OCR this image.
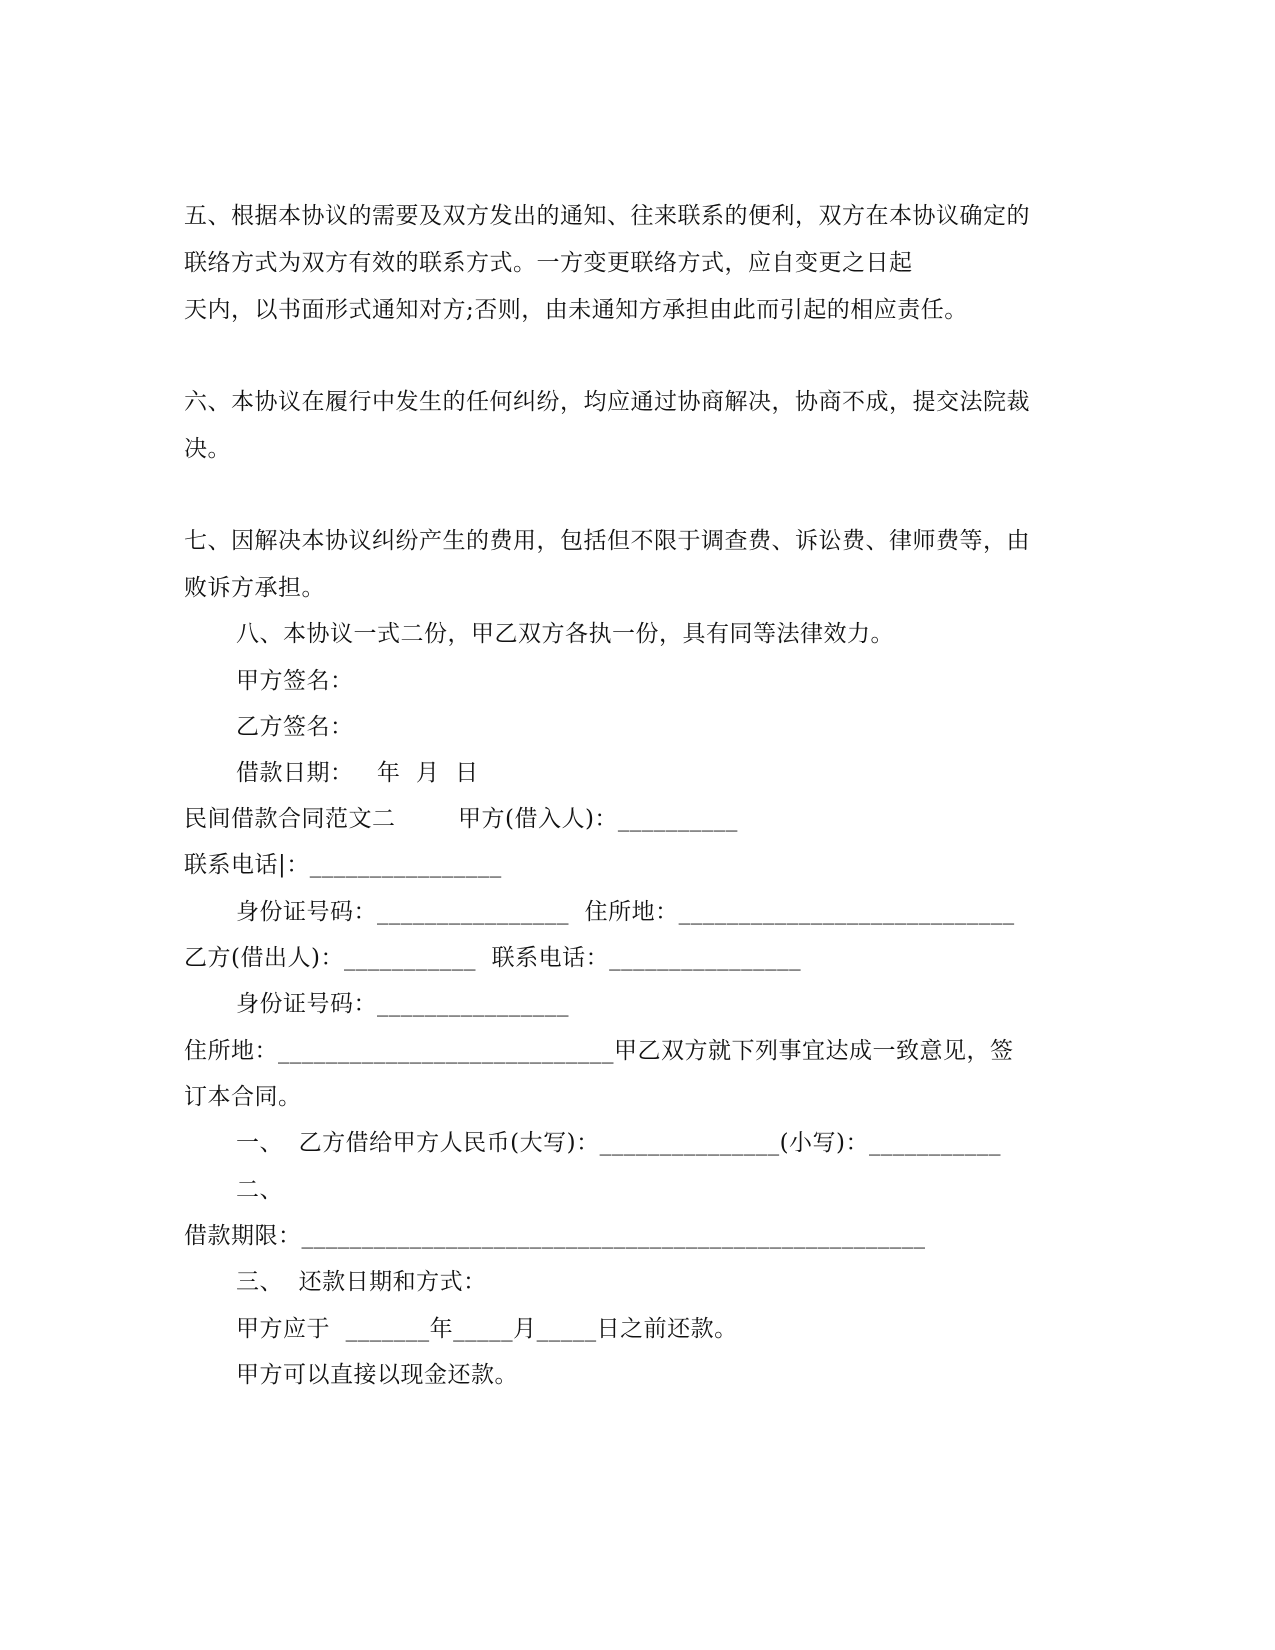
五、根据本协议的需要及双方发出的通知、往来联系的便利，双方在本协议确定的
联络方式为双方有效的联系方式。一方变更联络方式，应自变更之日起
天内，以书面形式通知对方;否则，由未通知方承担由此而引起的相应责任。
六、本协议在履行中发生的任何纠纷，均应通过协商解决，协商不成，提交法院裁
决。
七、因解决本协议纠纷产生的费用，包括但不限于调查费、诉讼费、律师费等，由
败诉方承担。
八、本协议一式二份，甲乙双方各执一份，具有同等法律效力。
甲方签名：
乙方签名：
借款日期：   年  月  日
民间借款合同范文二        甲方(借入人)：__________
联系电话|：________________
身份证号码：________________  住所地：____________________________
乙方(借出人)：___________  联系电话：________________
身份证号码：________________
住所地：____________________________甲乙双方就下列事宜达成一致意见，签
订本合同。
一、  乙方借给甲方人民币(大写)：_______________(小写)：___________
二、
借款期限：____________________________________________________
三、  还款日期和方式：
甲方应于  _______年_____月_____日之前还款。
甲方可以直接以现金还款。
